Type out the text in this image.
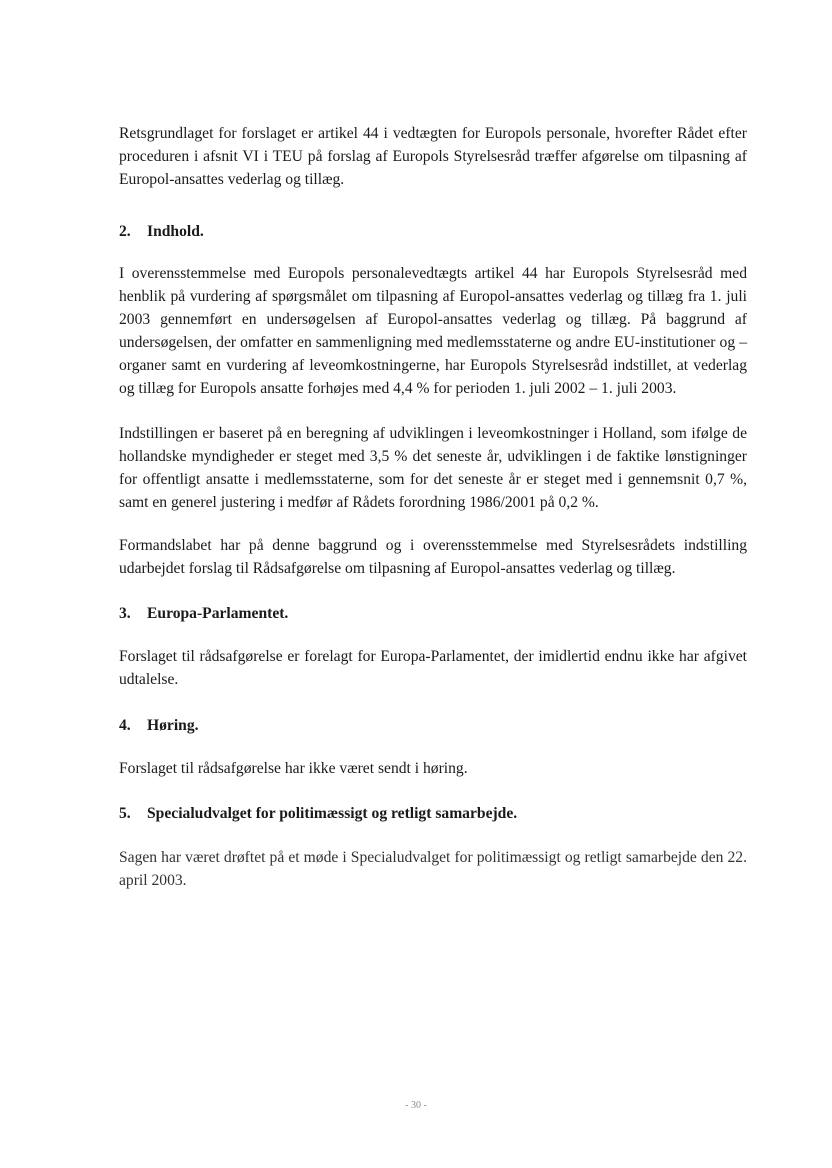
Retsgrundlaget for forslaget er artikel 44 i vedtægten for Europols personale, hvorefter Rådet efter proceduren i afsnit VI i TEU på forslag af Europols Styrelsesråd træffer afgørelse om tilpasning af Europol-ansattes vederlag og tillæg.

2.	Indhold.

I overensstemmelse med Europols personalevedtægts artikel 44 har Europols Styrelsesråd med henblik på vurdering af spørgsmålet om tilpasning af Europol-ansattes vederlag og tillæg fra 1. juli 2003 gennemført en undersøgelsen af Europol-ansattes vederlag og tillæg. På baggrund af undersøgelsen, der omfatter en sammenligning med medlemsstaterne og andre EU-institutioner og –organer samt en vurdering af leveomkostningerne, har Europols Styrelsesråd indstillet, at vederlag og tillæg for Europols ansatte forhøjes med 4,4 % for perioden 1. juli 2002 – 1. juli 2003.

Indstillingen er baseret på en beregning af udviklingen i leveomkostninger i Holland, som ifølge de hollandske myndigheder er steget med 3,5 % det seneste år, udviklingen i de faktike lønstigninger for offentligt ansatte i medlemsstaterne, som for det seneste år er steget med i gennemsnit 0,7 %, samt en generel justering i medfør af Rådets forordning 1986/2001 på 0,2 %.

Formandslabet har på denne baggrund og i overensstemmelse med Styrelsesrådets indstilling udarbejdet forslag til Rådsafgørelse om tilpasning af Europol-ansattes vederlag og tillæg.

3.	Europa-Parlamentet.

Forslaget til rådsafgørelse er forelagt for Europa-Parlamentet, der imidlertid endnu ikke har afgivet udtalelse.

4.	Høring.

Forslaget til rådsafgørelse har ikke været sendt i høring.

5.	Specialudvalget for politimæssigt og retligt samarbejde.

Sagen har været drøftet på et møde i Specialudvalget for politimæssigt og retligt samarbejde den 22. april 2003.

- 30 -
